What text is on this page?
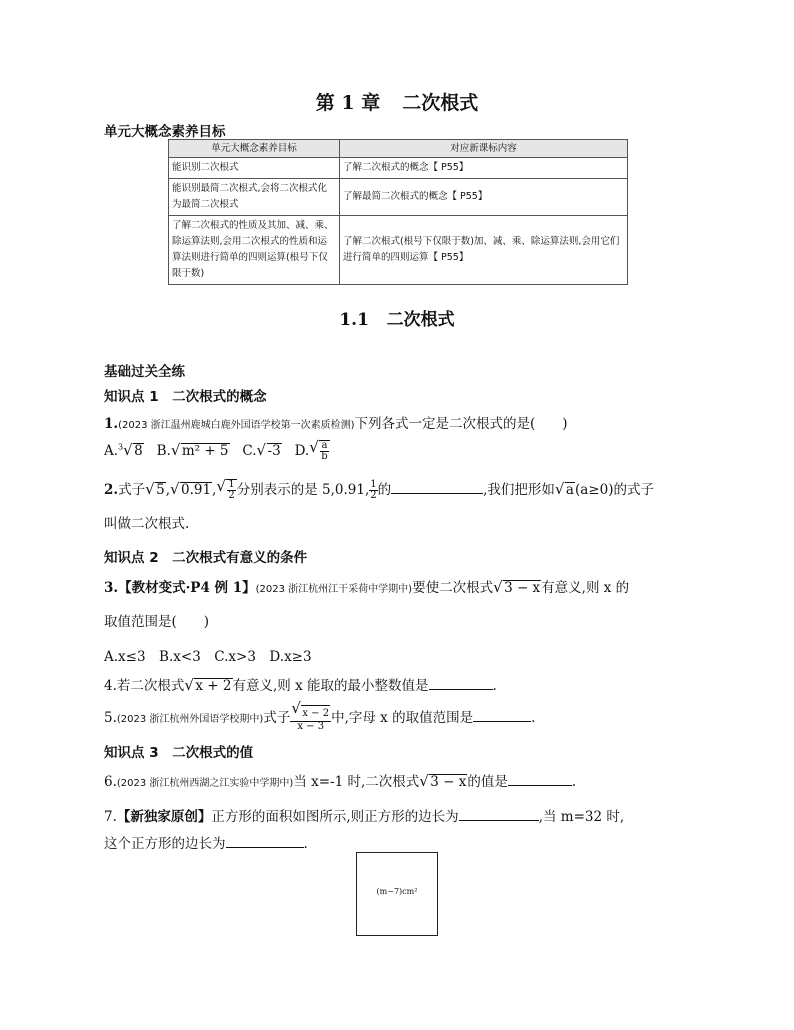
第 1 章 二次根式
单元大概念素养目标
单元大概念素养目标	对应新课标内容
能识别二次根式	了解二次根式的概念【 P55】
能识别最简二次根式,会将二次根式化为最简二次根式	了解最简二次根式的概念【 P55】
了解二次根式的性质及其加、减、乘、除运算法则,会用二次根式的性质和运算法则进行简单的四则运算(根号下仅限于数)	了解二次根式(根号下仅限于数)加、减、乘、除运算法则,会用它们进行简单的四则运算【 P55】
1.1 二次根式
基础过关全练
知识点 1　二次根式的概念
1.(2023 浙江温州鹿城白鹿外国语学校第一次素质检测)下列各式一定是二次根式的是(　　)
A.$^3$ √ 8 B. √ m² + 5 C. √ -3 D. √ $\frac{a}{b}$
2.式子 √ 5, √ 0.91, √ $\frac{1}{2}$ 分别表示的是 5,0.91, $\frac{1}{2}$ 的	,我们把形如 √ a(a≥0)的式子
叫做二次根式.
知识点 2　二次根式有意义的条件
3.【教材变式·P4 例 1】(2023 浙江杭州江干采荷中学期中)要使二次根式 √ 3 − x有意义,则 x 的
取值范围是(　　)
A.x≤3　B.x<3　C.x>3　D.x≥3
4.若二次根式 √ x + 2有意义,则 x 能取的最小整数值是	.
5.(2023 浙江杭州外国语学校期中)式子 √ $\frac{x - 2}{x - 3}$ 中,字母 x 的取值范围是	.
知识点 3　二次根式的值
6.(2023 浙江杭州西湖之江实验中学期中)当 x=-1 时,二次根式 √ 3 − x的值是	.
7.【新独家原创】正方形的面积如图所示,则正方形的边长为	,当 m=32 时,
这个正方形的边长为	.
(m−7)cm²
